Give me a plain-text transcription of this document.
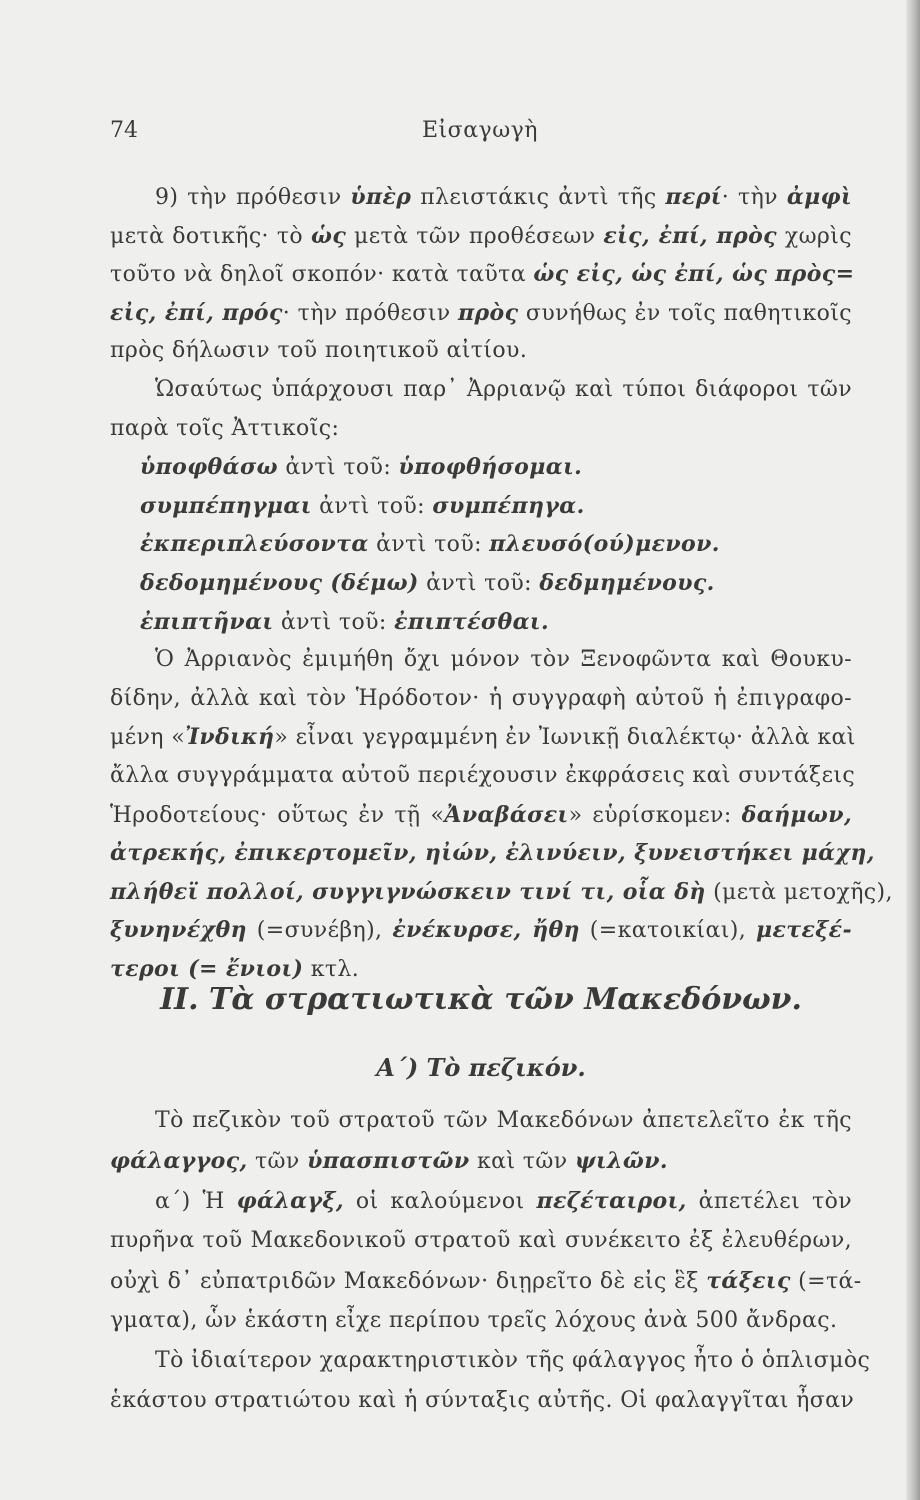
74	Εἰσαγωγὴ
9) τὴν πρόθεσιν ὑπὲρ πλειστάκις ἀντὶ τῆς περί· τὴν ἀμφὶ
μετὰ δοτικῆς· τὸ ὡς μετὰ τῶν προθέσεων εἰς, ἐπί, πρὸς χωρὶς
τοῦτο νὰ δηλοῖ σκοπόν· κατὰ ταῦτα ὡς εἰς, ὡς ἐπί, ὡς πρὸς=
εἰς, ἐπί, πρός· τὴν πρόθεσιν πρὸς συνήθως ἐν τοῖς παθητικοῖς
πρὸς δήλωσιν τοῦ ποιητικοῦ αἰτίου.
Ὡσαύτως ὑπάρχουσι παρ᾽ Ἀρριανῷ καὶ τύποι διάφοροι τῶν
παρὰ τοῖς Ἀττικοῖς:
ὑποφθάσω ἀντὶ τοῦ: ὑποφθήσομαι.
συμπέπηγμαι ἀντὶ τοῦ: συμπέπηγα.
ἐκπεριπλεύσοντα ἀντὶ τοῦ: πλευσό(ού)μενον.
δεδομημένους (δέμω) ἀντὶ τοῦ: δεδμημένους.
ἐπιπτῆναι ἀντὶ τοῦ: ἐπιπτέσθαι.
Ὁ Ἀρριανὸς ἐμιμήθη ὄχι μόνον τὸν Ξενοφῶντα καὶ Θουκυ-
δίδην, ἀλλὰ καὶ τὸν Ἡρόδοτον· ἡ συγγραφὴ αὐτοῦ ἡ ἐπιγραφο-
μένη «Ἰνδική» εἶναι γεγραμμένη ἐν Ἰωνικῇ διαλέκτῳ· ἀλλὰ καὶ
ἄλλα συγγράμματα αὐτοῦ περιέχουσιν ἐκφράσεις καὶ συντάξεις
Ἡροδοτείους· οὕτως ἐν τῇ «Ἀναβάσει» εὑρίσκομεν: δαήμων,
ἀτρεκής, ἐπικερτομεῖν, ηἰών, ἐλινύειν, ξυνειστήκει μάχη,
πλήθεϊ πολλοί, συγγιγνώσκειν τινί τι, οἷα δὴ (μετὰ μετοχῆς),
ξυνηνέχθη (=συνέβη), ἐνέκυρσε, ἤθη (=κατοικίαι), μετεξέ-
τεροι (= ἔνιοι) κτλ.
II. Τὰ στρατιωτικὰ τῶν Μακεδόνων.
Α΄) Τὸ πεζικόν.
Τὸ πεζικὸν τοῦ στρατοῦ τῶν Μακεδόνων ἀπετελεῖτο ἐκ τῆς
φάλαγγος, τῶν ὑπασπιστῶν καὶ τῶν ψιλῶν.
α΄) Ἡ φάλαγξ, οἱ καλούμενοι πεζέταιροι, ἀπετέλει τὸν
πυρῆνα τοῦ Μακεδονικοῦ στρατοῦ καὶ συνέκειτο ἐξ ἐλευθέρων,
οὐχὶ δ᾽ εὐπατριδῶν Μακεδόνων· διῃρεῖτο δὲ εἰς ἓξ τάξεις (=τά-
γματα), ὧν ἑκάστη εἶχε περίπου τρεῖς λόχους ἀνὰ 500 ἄνδρας.
Τὸ ἰδιαίτερον χαρακτηριστικὸν τῆς φάλαγγος ἦτο ὁ ὁπλισμὸς
ἑκάστου στρατιώτου καὶ ἡ σύνταξις αὐτῆς. Οἱ φαλαγγῖται ἦσαν
